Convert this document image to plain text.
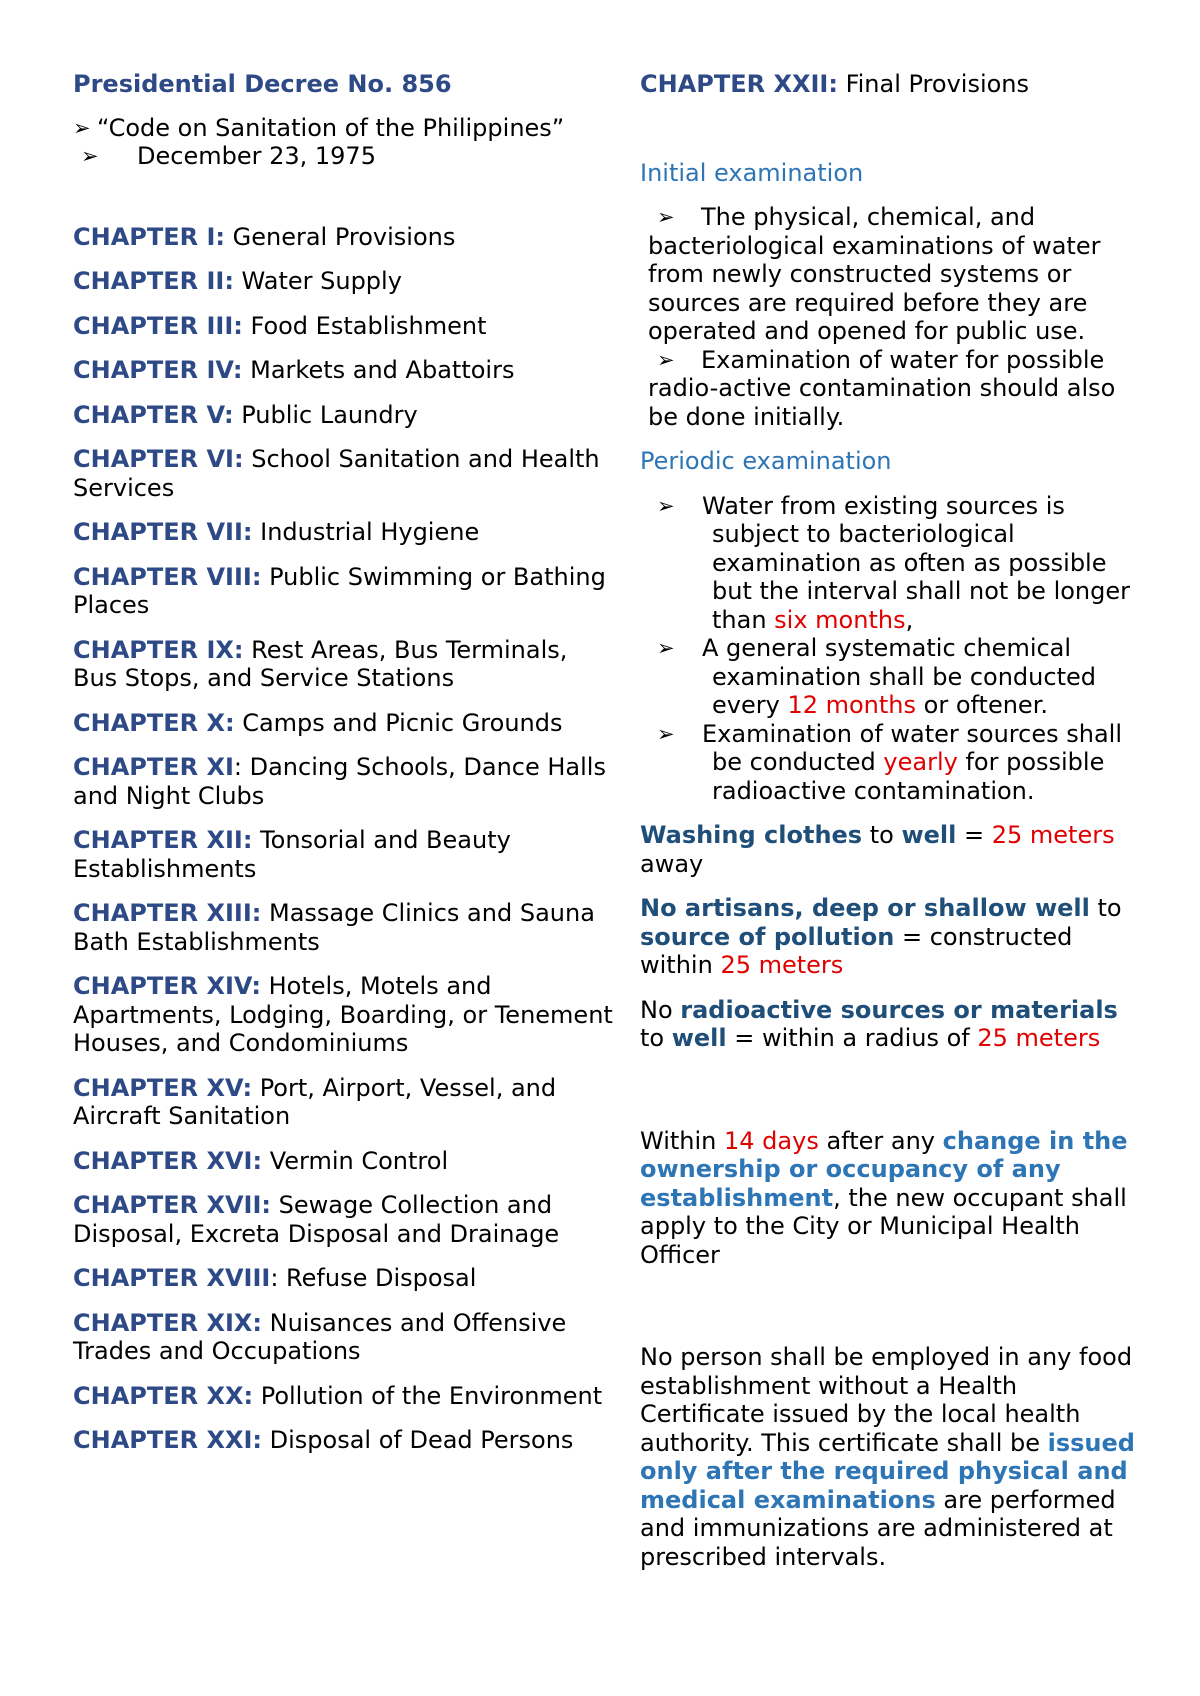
Presidential Decree No. 856

➢ “Code on Sanitation of the Philippines”
➢ December 23, 1975

CHAPTER I: General Provisions

CHAPTER II: Water Supply

CHAPTER III: Food Establishment

CHAPTER IV: Markets and Abattoirs

CHAPTER V: Public Laundry

CHAPTER VI: School Sanitation and Health Services

CHAPTER VII: Industrial Hygiene

CHAPTER VIII: Public Swimming or Bathing Places

CHAPTER IX: Rest Areas, Bus Terminals, Bus Stops, and Service Stations

CHAPTER X: Camps and Picnic Grounds

CHAPTER XI: Dancing Schools, Dance Halls and Night Clubs

CHAPTER XII: Tonsorial and Beauty Establishments

CHAPTER XIII: Massage Clinics and Sauna Bath Establishments

CHAPTER XIV: Hotels, Motels and Apartments, Lodging, Boarding, or Tenement Houses, and Condominiums

CHAPTER XV: Port, Airport, Vessel, and Aircraft Sanitation

CHAPTER XVI: Vermin Control

CHAPTER XVII: Sewage Collection and Disposal, Excreta Disposal and Drainage

CHAPTER XVIII: Refuse Disposal

CHAPTER XIX: Nuisances and Offensive Trades and Occupations

CHAPTER XX: Pollution of the Environment

CHAPTER XXI: Disposal of Dead Persons

CHAPTER XXII: Final Provisions

Initial examination

➢ The physical, chemical, and bacteriological examinations of water from newly constructed systems or sources are required before they are operated and opened for public use.
➢ Examination of water for possible radio-active contamination should also be done initially.

Periodic examination

➢ Water from existing sources is subject to bacteriological examination as often as possible but the interval shall not be longer than six months,
➢ A general systematic chemical examination shall be conducted every 12 months or oftener.
➢ Examination of water sources shall be conducted yearly for possible radioactive contamination.

Washing clothes to well = 25 meters away

No artisans, deep or shallow well to source of pollution = constructed within 25 meters

No radioactive sources or materials to well = within a radius of 25 meters

Within 14 days after any change in the ownership or occupancy of any establishment, the new occupant shall apply to the City or Municipal Health Officer

No person shall be employed in any food establishment without a Health Certificate issued by the local health authority. This certificate shall be issued only after the required physical and medical examinations are performed and immunizations are administered at prescribed intervals.
